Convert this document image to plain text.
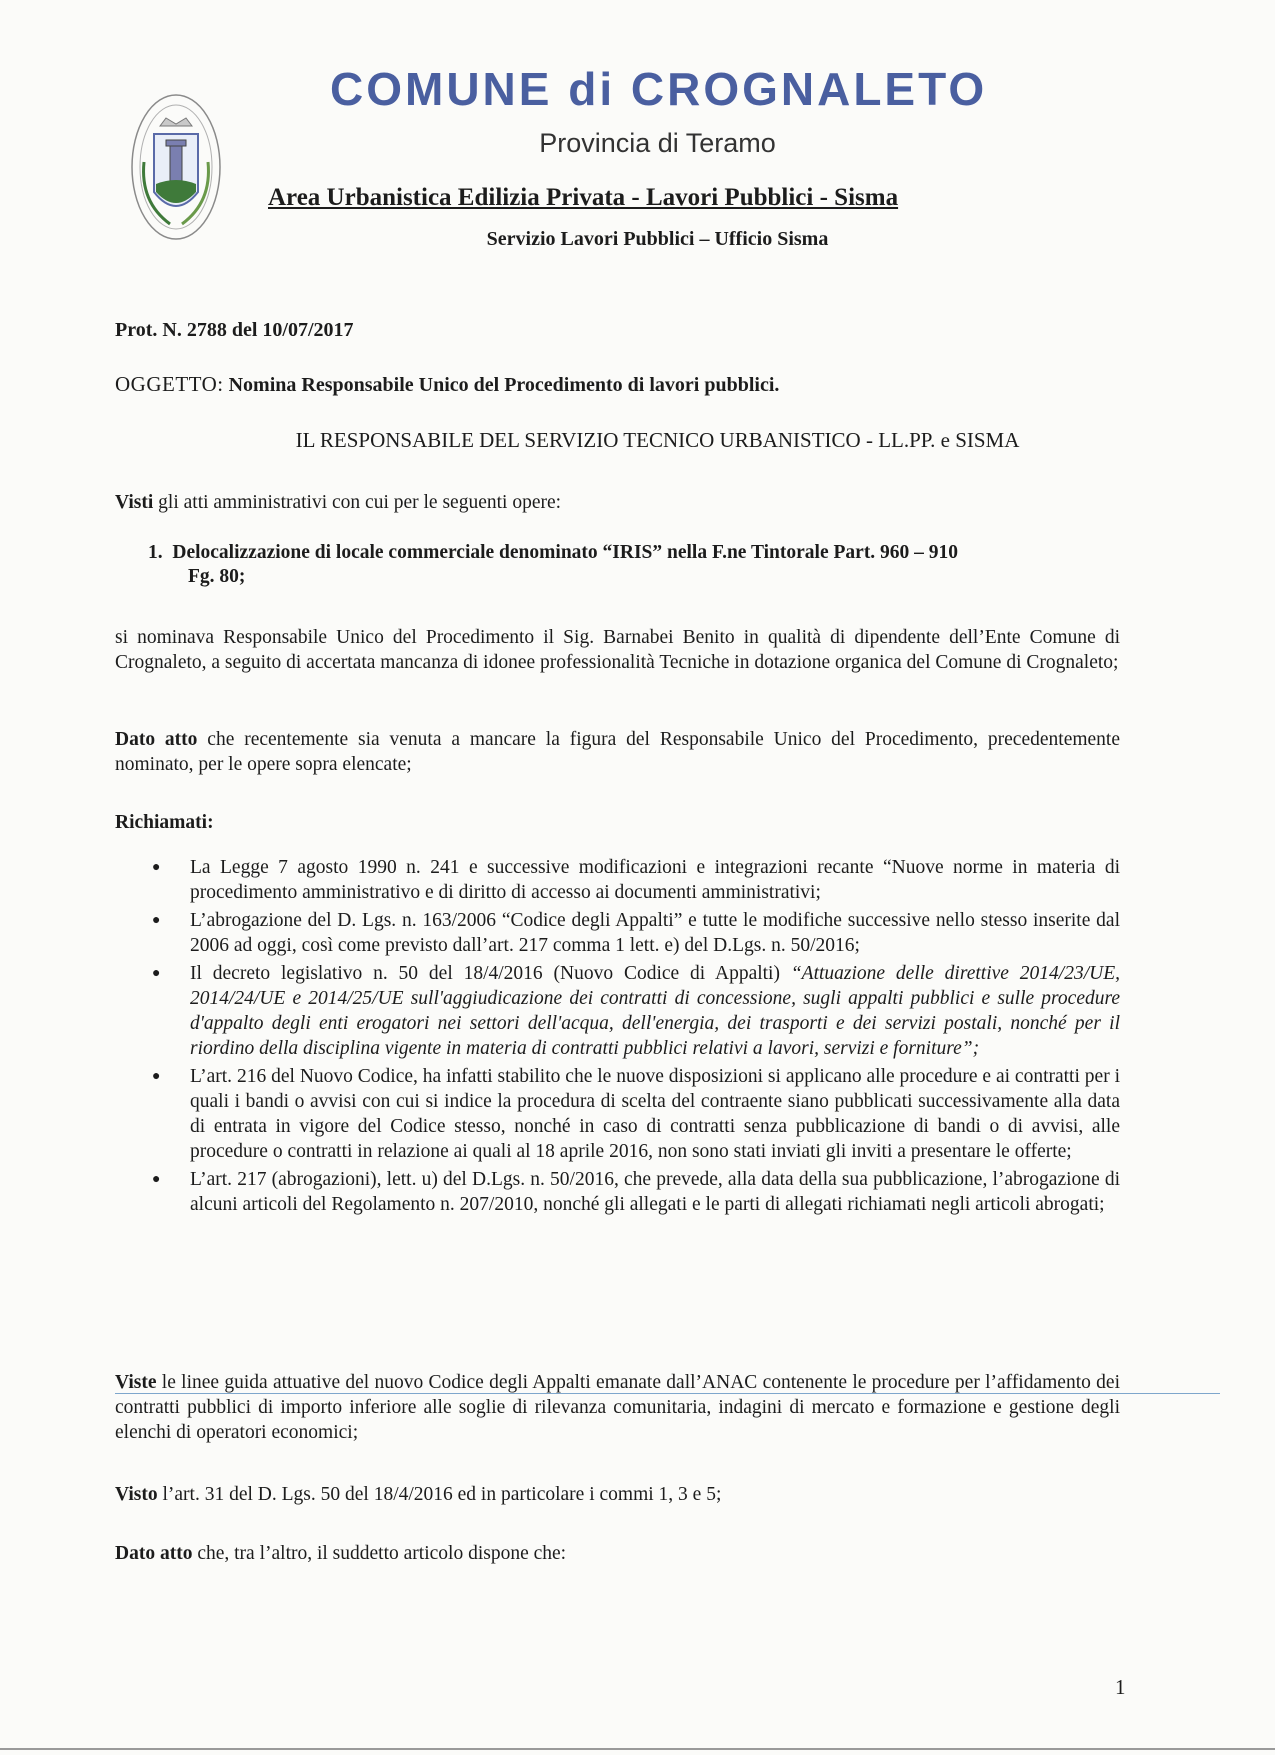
COMUNE di CROGNALETO
Provincia di Teramo
Area Urbanistica Edilizia Privata - Lavori Pubblici - Sisma
Servizio Lavori Pubblici – Ufficio Sisma
Prot. N. 2788 del 10/07/2017
OGGETTO: Nomina Responsabile Unico del Procedimento di lavori pubblici.
IL RESPONSABILE DEL SERVIZIO TECNICO URBANISTICO - LL.PP. e SISMA
Visti gli atti amministrativi con cui per le seguenti opere:
1. Delocalizzazione di locale commerciale denominato “IRIS” nella F.ne Tintorale Part. 960 – 910
Fg. 80;
si nominava Responsabile Unico del Procedimento il Sig. Barnabei Benito in qualità di dipendente dell’Ente Comune di Crognaleto, a seguito di accertata mancanza di idonee professionalità Tecniche in dotazione organica del Comune di Crognaleto;
Dato atto che recentemente sia venuta a mancare la figura del Responsabile Unico del Procedimento, precedentemente nominato, per le opere sopra elencate;
Richiamati:
● La Legge 7 agosto 1990 n. 241 e successive modificazioni e integrazioni recante “Nuove norme in materia di procedimento amministrativo e di diritto di accesso ai documenti amministrativi;
● L’abrogazione del D. Lgs. n. 163/2006 “Codice degli Appalti” e tutte le modifiche successive nello stesso inserite dal 2006 ad oggi, così come previsto dall’art. 217 comma 1 lett. e) del D.Lgs. n. 50/2016;
● Il decreto legislativo n. 50 del 18/4/2016 (Nuovo Codice di Appalti) “Attuazione delle direttive 2014/23/UE, 2014/24/UE e 2014/25/UE sull'aggiudicazione dei contratti di concessione, sugli appalti pubblici e sulle procedure d'appalto degli enti erogatori nei settori dell'acqua, dell'energia, dei trasporti e dei servizi postali, nonché per il riordino della disciplina vigente in materia di contratti pubblici relativi a lavori, servizi e forniture”;
● L’art. 216 del Nuovo Codice, ha infatti stabilito che le nuove disposizioni si applicano alle procedure e ai contratti per i quali i bandi o avvisi con cui si indice la procedura di scelta del contraente siano pubblicati successivamente alla data di entrata in vigore del Codice stesso, nonché in caso di contratti senza pubblicazione di bandi o di avvisi, alle procedure o contratti in relazione ai quali al 18 aprile 2016, non sono stati inviati gli inviti a presentare le offerte;
● L’art. 217 (abrogazioni), lett. u) del D.Lgs. n. 50/2016, che prevede, alla data della sua pubblicazione, l’abrogazione di alcuni articoli del Regolamento n. 207/2010, nonché gli allegati e le parti di allegati richiamati negli articoli abrogati;
Viste le linee guida attuative del nuovo Codice degli Appalti emanate dall’ANAC contenente le procedure per l’affidamento dei contratti pubblici di importo inferiore alle soglie di rilevanza comunitaria, indagini di mercato e formazione e gestione degli elenchi di operatori economici;
Visto l’art. 31 del D. Lgs. 50 del 18/4/2016 ed in particolare i commi 1, 3 e 5;
Dato atto che, tra l’altro, il suddetto articolo dispone che:
1
